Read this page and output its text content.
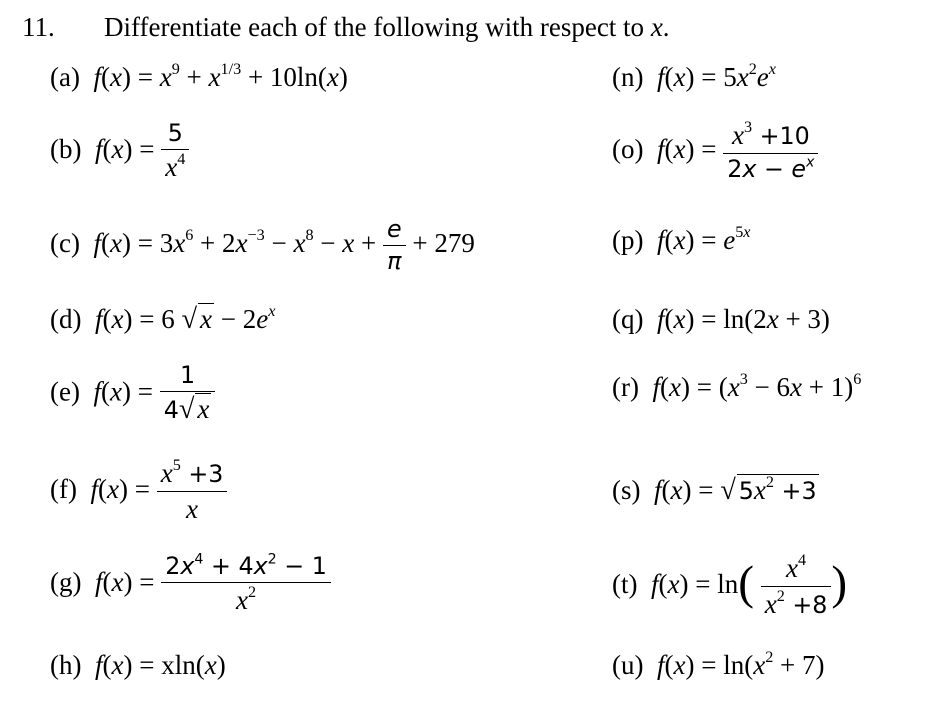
11. Differentiate each of the following with respect to x.
(a) $f(x) = x^9 + x^{1/3} + 10\ln(x)$
(b) $f(x) = \frac{5}{x^4}$
(c) $f(x) = 3x^6 + 2x^{-3} - x^8 - x + \frac{e}{\pi} + 279$
(d) f(x) = 6 √ $x - 2e^x$
(e) $f(x) = \frac{1}{4√ x}$
(f) $f(x) = \frac{x^5 +3}{x}$
(g) $f(x) = \frac{2x^4 + 4x^2 - 1}{x^2}$
(h) f(x) = xln(x)
(n) $f(x) = 5x^2e^x$
(o) $f(x) = \frac{x^3 +10}{2x - e^x}$
(p) $f(x) = e^{5x}$
(q) f(x) = ln(2x + 3)
(r) $f(x) = (x^3 - 6x + 1)^6$
(s) f(x) = √ $5x^2 +3$
(t) $f(x) = \ln( \frac{x^4}{x^2 +8}$ )
(u) $f(x) = \ln(x^2 + 7)$
